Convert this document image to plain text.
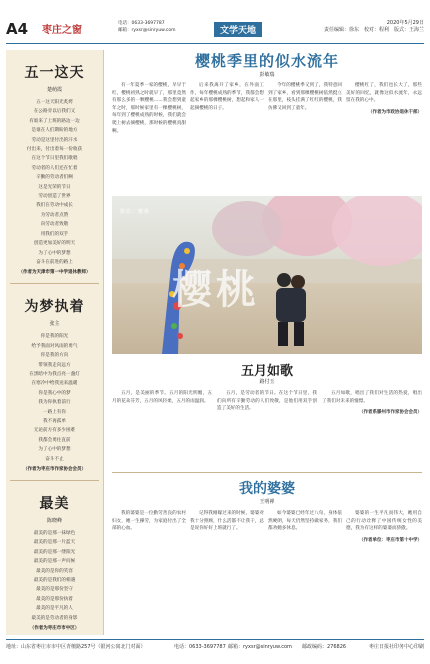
A4 枣庄之窗
电话：0633-3697787
邮箱：ryxsr@sinryuw.com	文学天地
2020年5月29日
责任编辑：徐东　校对：程利　版式：王海兰
五一这天
楚萌霞
五一这天阳光炙烤
在公路旁以后我们又
有谁来了上班的路边一边
是谁在人们期盼的地方
劳动是这里付出的汗水
付出来，付出着每一份收获
在这个节日里我们歌唱
劳动者的人们还在忙着
辛勤的劳动者们啊
这是光荣的节日
劳动创造了世界
我们在劳动中成长
为劳动者点赞
向劳动者致敬
用我们的双手
创造更加美好的明天
为了心中的梦想
奋斗在前进的路上
（作者为天津市第一中学退休教师）
为梦执着
张主
你是我的阳光
给予我面对风雨的勇气
你是我的方向
带领我走向远方
在黑暗中为我点亮一盏灯
在寒冷中给我送来温暖
你是我心中的梦
我为你执着前行
一路上有你
我不再孤单
无论前方有多少困难
我都会勇往直前
为了心中的梦想
奋斗不止
（作者为枣庄市作家协会会员）
最美
陈晓峰
最美的是那一抹绿色
最美的是那一片蓝天
最美的是那一缕阳光
最美的是那一声问候
最美的是你的笑容
最美的是我们的相遇
最美的是那份坚守
最美的是那份执着
最美的是平凡的人
最美的是劳动者的身影
（作者为枣庄市市中区）
樱桃季里的似水流年
彭敏瑞
有一年夏季一家的樱桃，早早于红，樱桃初熟之时就早了，那里竟然有那么多的一颗樱桃......我会想到童年之时，那时候家里有一棵樱桃树，每年到了樱桃成熟的时候，我们就会爬上树去摘樱桃，那时候的樱桃真甜啊。
后来我离开了家乡，在外面工作，每年樱桃成熟的季节，我都会想起家乡的那棵樱桃树，想起和家人一起摘樱桃的日子。
今年的樱桃季又到了，我特意回到了家乡，看到那棵樱桃树依然挺立在那里，枝头挂满了红红的樱桃，我仿佛又回到了童年。
樱桃红了，我们也长大了，那些美好的回忆，就像这似水流年，永远留在我的心中。
（作者为市政协退休干部）
摄影：樱桃
樱桃
五月如歌
路付玉
五月，是美丽的季节。五月的阳光明媚，五月的花朵芬芳，五月的风轻柔，五月的雨温润。
五月，是劳动者的节日。在这个节日里，我们向所有辛勤劳动的人们致敬，是他们用双手创造了美好的生活。
五月如歌，唱出了我们对生活的热爱，唱出了我们对未来的憧憬。
（作者系滕州市作家协会会员）
我的婆婆
王明禅
我的婆婆是一位勤劳善良的农村妇女，她一生操劳，为家庭付出了全部的心血。
记得我刚嫁过来的时候，婆婆对我十分照顾，什么活都不让我干，总是说你好好上班就行了。
如今婆婆已经年过八旬，身体依然硬朗，每天仍然坚持做家务，我们都劝她多休息。
婆婆的一生平凡而伟大，她用自己的行动诠释了中国传统女性的美德，我为有这样的婆婆而骄傲。
（作者单位：枣庄市第十中学）
地址：山东省枣庄市市中区青檀路257号（银河公寓北门对面）	电话：0633-3697787 邮箱：ryxsr@sinryuw.com 邮政编码：276826	枣庄日报社印务中心印刷
